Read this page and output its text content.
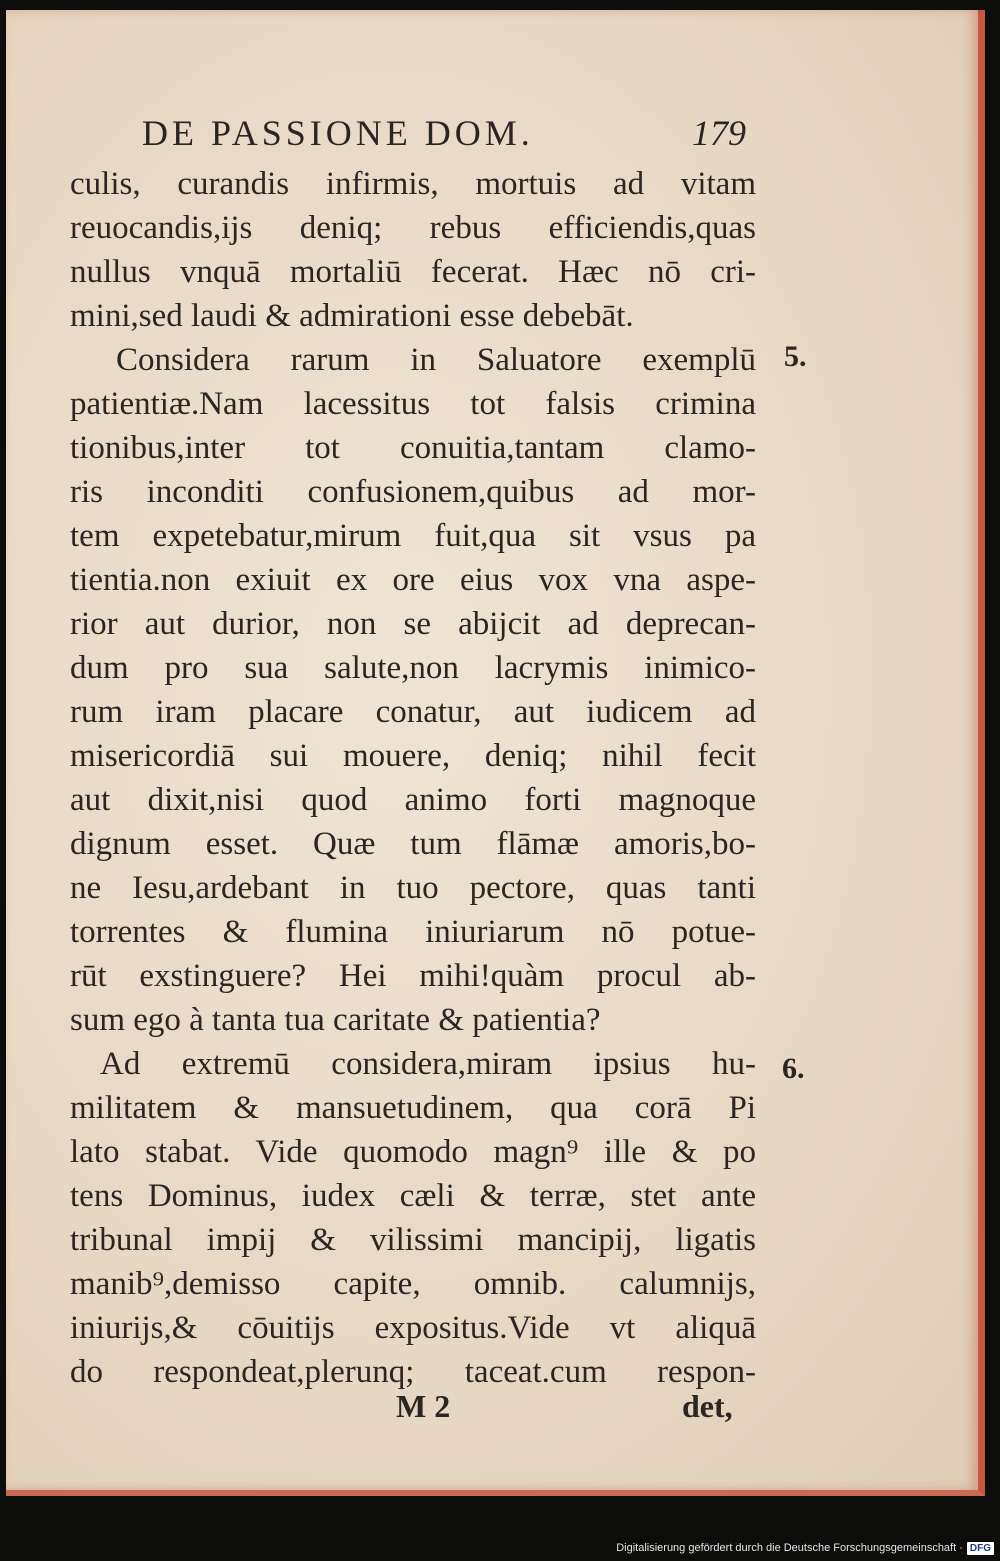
DE PASSIONE DOM.	179
culis, curandis infirmis, mortuis ad vitam
reuocandis,ijs deniq; rebus efficiendis,quas
nullus vnquā mortaliū fecerat. Hæc nō cri-
mini,sed laudi & admirationi esse debebāt.
Considera rarum in Saluatore exemplū
patientiæ.Nam lacessitus tot falsis crimina
tionibus,inter tot conuitia,tantam clamo-
ris inconditi confusionem,quibus ad mor-
tem expetebatur,mirum fuit,qua sit vsus pa
tientia.non exiuit ex ore eius vox vna aspe-
rior aut durior, non se abijcit ad deprecan-
dum pro sua salute,non lacrymis inimico-
rum iram placare conatur, aut iudicem ad
misericordiā sui mouere, deniq; nihil fecit
aut dixit,nisi quod animo forti magnoque
dignum esset. Quæ tum flāmæ amoris,bo-
ne Iesu,ardebant in tuo pectore, quas tanti
torrentes & flumina iniuriarum nō potue-
rūt exstinguere? Hei mihi!quàm procul ab-
sum ego à tanta tua caritate & patientia?
Ad extremū considera,miram ipsius hu-
militatem & mansuetudinem, qua corā Pi
lato stabat. Vide quomodo magn⁹ ille & po
tens Dominus, iudex cæli & terræ, stet ante
tribunal impij & vilissimi mancipij, ligatis
manib⁹,demisso capite, omnib. calumnijs,
iniurijs,& cōuitijs expositus.Vide vt aliquā
do respondeat,plerunq; taceat.cum respon-
5.
6.
M 2	det,
Digitalisierung gefördert durch die Deutsche Forschungsgemeinschaft · DFG
